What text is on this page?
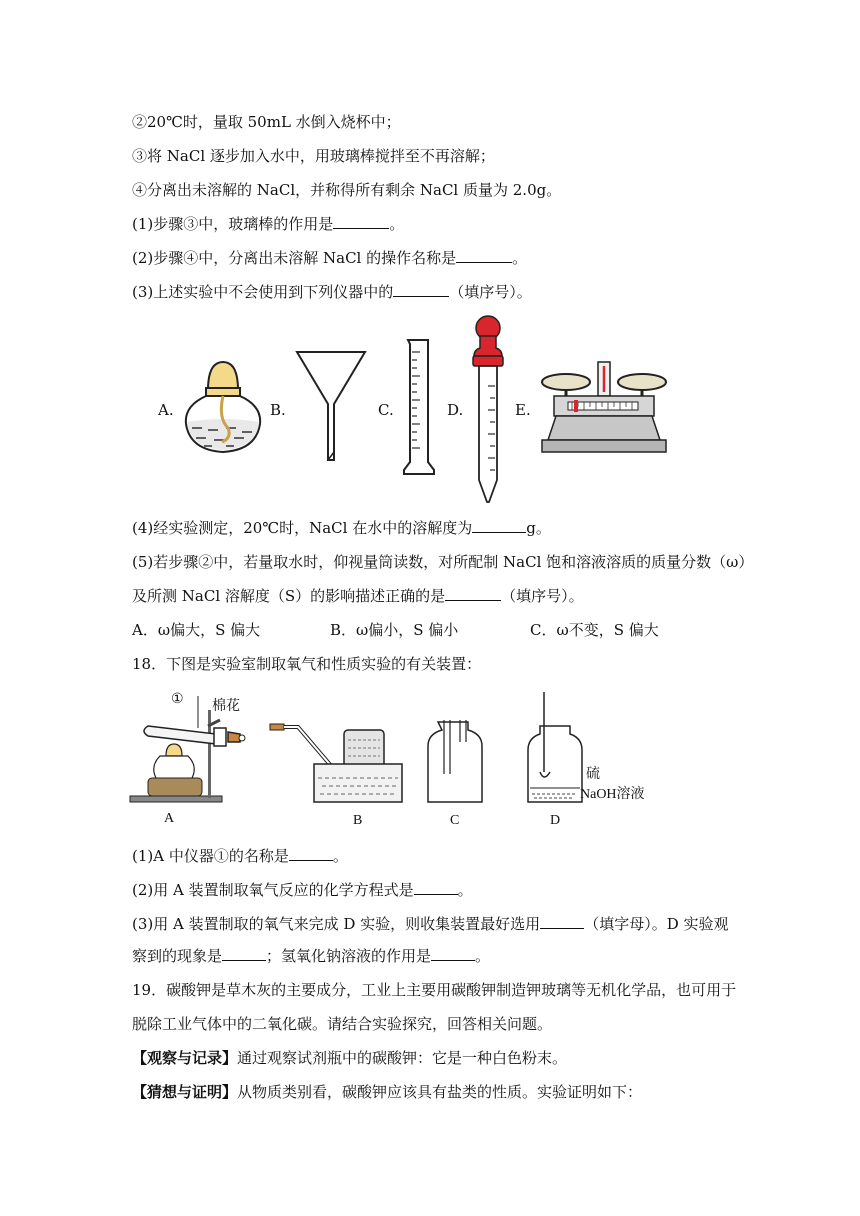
②20℃时，量取 50mL 水倒入烧杯中；
③将 NaCl 逐步加入水中，用玻璃棒搅拌至不再溶解；
④分离出未溶解的 NaCl，并称得所有剩余 NaCl 质量为 2.0g。
(1)步骤③中，玻璃棒的作用是	。
(2)步骤④中，分离出未溶解 NaCl 的操作名称是	。
(3)上述实验中不会使用到下列仪器中的	（填序号）。
A.	B.	C.	D.	E.
(4)经实验测定，20℃时，NaCl 在水中的溶解度为	g。
(5)若步骤②中，若量取水时，仰视量筒读数，对所配制 NaCl 饱和溶液溶质的质量分数（ω）
及所测 NaCl 溶解度（S）的影响描述正确的是	（填序号）。
A．ω偏大，S 偏大	B．ω偏小，S 偏小	C．ω不变，S 偏大
18．下图是实验室制取氧气和性质实验的有关装置：
① 棉花
A	B	C
硫
NaOH溶液
D
(1)A 中仪器①的名称是	。
(2)用 A 装置制取氧气反应的化学方程式是	。
(3)用 A 装置制取的氧气来完成 D 实验，则收集装置最好选用	（填字母）。D 实验观
察到的现象是	；氢氧化钠溶液的作用是	。
19．碳酸钾是草木灰的主要成分，工业上主要用碳酸钾制造钾玻璃等无机化学品，也可用于
脱除工业气体中的二氧化碳。请结合实验探究，回答相关问题。
【观察与记录】通过观察试剂瓶中的碳酸钾：它是一种白色粉末。
【猜想与证明】从物质类别看，碳酸钾应该具有盐类的性质。实验证明如下：
